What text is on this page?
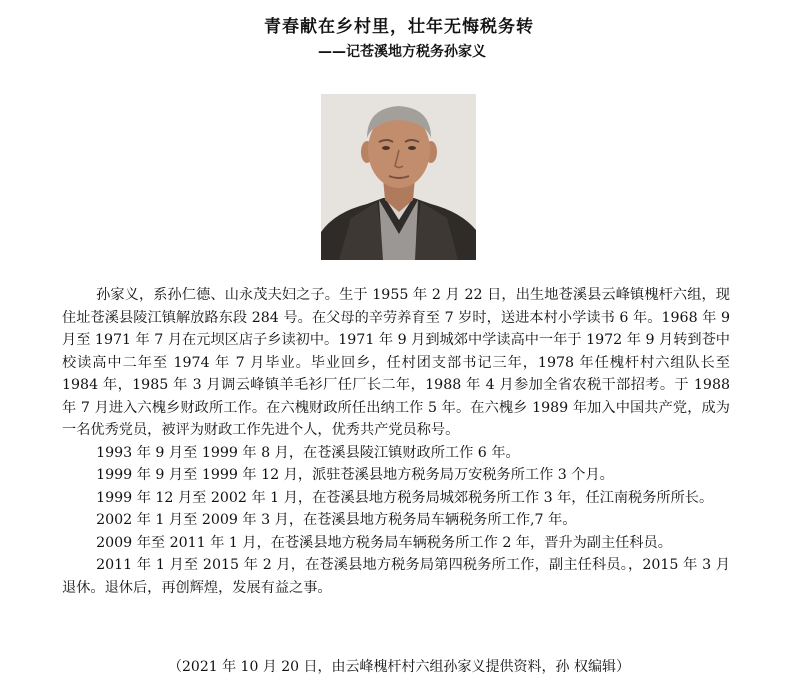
青春献在乡村里，壮年无悔税务转
——记苍溪地方税务孙家义

孙家义，系孙仁德、山永茂夫妇之子。生于 1955 年 2 月 22 日，出生地苍溪县云峰镇槐杆六组，现住址苍溪县陵江镇解放路东段 284 号。在父母的辛劳养育至 7 岁时，送进本村小学读书 6 年。1968 年 9 月至 1971 年 7 月在元坝区店子乡读初中。1971 年 9 月到城郊中学读高中一年于 1972 年 9 月转到苍中校读高中二年至 1974 年 7 月毕业。毕业回乡，任村团支部书记三年，1978 年任槐杆村六组队长至 1984 年，1985 年 3 月调云峰镇羊毛衫厂任厂长二年，1988 年 4 月参加全省农税干部招考。于 1988 年 7 月进入六槐乡财政所工作。在六槐财政所任出纳工作 5 年。在六槐乡 1989 年加入中国共产党，成为一名优秀党员，被评为财政工作先进个人，优秀共产党员称号。

1993 年 9 月至 1999 年 8 月，在苍溪县陵江镇财政所工作 6 年。

1999 年 9 月至 1999 年 12 月，派驻苍溪县地方税务局万安税务所工作 3 个月。

1999 年 12 月至 2002 年 1 月，在苍溪县地方税务局城郊税务所工作 3 年，任江南税务所所长。

2002 年 1 月至 2009 年 3 月，在苍溪县地方税务局车辆税务所工作,7 年。

2009 年至 2011 年 1 月，在苍溪县地方税务局车辆税务所工作 2 年，晋升为副主任科员。

2011 年 1 月至 2015 年 2 月，在苍溪县地方税务局第四税务所工作，副主任科员。，2015 年 3 月退休。退休后，再创辉煌，发展有益之事。

（2021 年 10 月 20 日，由云峰槐杆村六组孙家义提供资料，孙 权编辑）
